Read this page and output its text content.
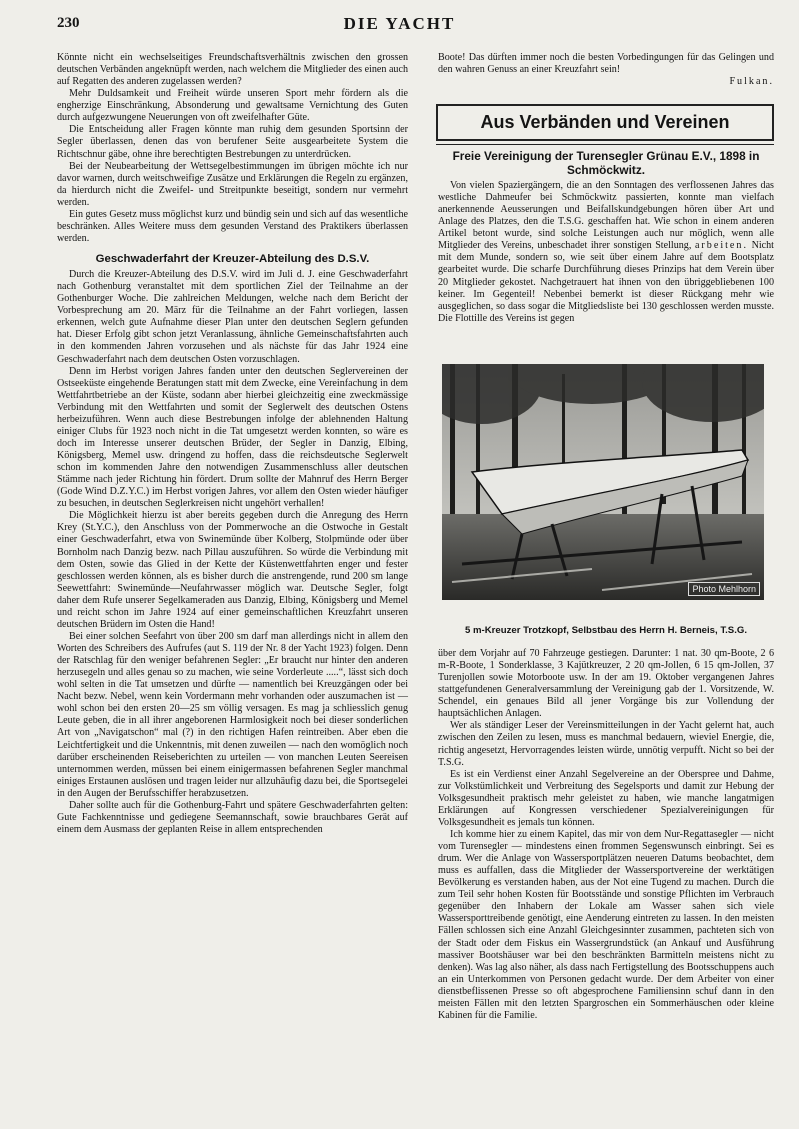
230	DIE YACHT

Könnte nicht ein wechselseitiges Freundschaftsverhältnis zwischen den grossen deutschen Verbänden angeknüpft werden, nach welchem die Mitglieder des einen auch auf Regatten des anderen zugelassen werden?

Mehr Duldsamkeit und Freiheit würde unseren Sport mehr fördern als die engherzige Einschränkung, Absonderung und gewaltsame Vernichtung des Guten durch aufgezwungene Neuerungen von oft zweifelhafter Güte.

Die Entscheidung aller Fragen könnte man ruhig dem gesunden Sportsinn der Segler überlassen, denen das von berufener Seite ausgearbeitete System die Richtschnur gäbe, ohne ihre berechtigten Bestrebungen zu unterdrücken.

Bei der Neubearbeitung der Wettsegelbestimmungen im übrigen möchte ich nur davor warnen, durch weitschweifige Zusätze und Erklärungen die Regeln zu ergänzen, da hierdurch nicht die Zweifel- und Streitpunkte beseitigt, sondern nur vermehrt werden.

Ein gutes Gesetz muss möglichst kurz und bündig sein und sich auf das wesentliche beschränken. Alles Weitere muss dem gesunden Verstand des Praktikers überlassen werden.

Geschwaderfahrt der Kreuzer-Abteilung des D.S.V.

Durch die Kreuzer-Abteilung des D.S.V. wird im Juli d. J. eine Geschwaderfahrt nach Gothenburg veranstaltet mit dem sportlichen Ziel der Teilnahme an der Gothenburger Woche. Die zahlreichen Meldungen, welche nach dem Bericht der Vorbesprechung am 20. März für die Teilnahme an der Fahrt vorliegen, lassen erkennen, welch gute Aufnahme dieser Plan unter den deutschen Seglern gefunden hat. Dieser Erfolg gibt schon jetzt Veranlassung, ähnliche Gemeinschaftsfahrten auch in den kommenden Jahren vorzusehen und als nächste für das Jahr 1924 eine Geschwaderfahrt nach dem deutschen Osten vorzuschlagen.

Denn im Herbst vorigen Jahres fanden unter den deutschen Seglervereinen der Ostseeküste eingehende Beratungen statt mit dem Zwecke, eine Vereinfachung in dem Wettfahrtbetriebe an der Küste, sodann aber hierbei gleichzeitig eine zweckmässige Verbindung mit den Wettfahrten und somit der Seglerwelt des deutschen Ostens herbeizuführen. Wenn auch diese Bestrebungen infolge der ablehnenden Haltung einiger Clubs für 1923 noch nicht in die Tat umgesetzt werden konnten, so wäre es doch im Interesse unserer deutschen Brüder, der Segler in Danzig, Elbing, Königsberg, Memel usw. dringend zu hoffen, dass die reichsdeutsche Seglerwelt schon im kommenden Jahre den notwendigen Zusammenschluss aller deutschen Stämme nach jeder Richtung hin fördert. Drum sollte der Mahnruf des Herrn Berger (Gode Wind D.Z.Y.C.) im Herbst vorigen Jahres, vor allem den Osten wieder häufiger zu besuchen, in deutschen Seglerkreisen nicht ungehört verhallen!

Die Möglichkeit hierzu ist aber bereits gegeben durch die Anregung des Herrn Krey (St.Y.C.), den Anschluss von der Pommerwoche an die Ostwoche in Gestalt einer Geschwaderfahrt, etwa von Swinemünde über Kolberg, Stolpmünde oder über Bornholm nach Danzig bezw. nach Pillau auszuführen. So würde die Verbindung mit dem Osten, sowie das Glied in der Kette der Küstenwettfahrten enger und fester geschlossen werden können, als es bisher durch die anstrengende, rund 200 sm lange Seewettfahrt: Swinemünde—Neufahrwasser möglich war. Deutsche Segler, folgt daher dem Rufe unserer Segelkameraden aus Danzig, Elbing, Königsberg und Memel und reicht schon im Jahre 1924 auf einer gemeinschaftlichen Kreuzfahrt unseren deutschen Brüdern im Osten die Hand!

Bei einer solchen Seefahrt von über 200 sm darf man allerdings nicht in allem den Worten des Schreibers des Aufrufes (aut S. 119 der Nr. 8 der Yacht 1923) folgen. Denn der Ratschlag für den weniger befahrenen Segler: „Er braucht nur hinter den anderen herzusegeln und alles genau so zu machen, wie seine Vorderleute .....“, lässt sich doch wohl selten in die Tat umsetzen und dürfte — namentlich bei Kreuzgängen oder bei Nacht bezw. Nebel, wenn kein Vordermann mehr vorhanden oder auszumachen ist — wohl schon bei den ersten 20—25 sm völlig versagen. Es mag ja schliesslich genug Leute geben, die in all ihrer angeborenen Harmlosigkeit noch bei dieser sonderlichen Art von „Navigatschon“ mal (?) in den richtigen Hafen reintreiben. Aber eben die Leichtfertigkeit und die Unkenntnis, mit denen zuweilen — nach den womöglich noch darüber erscheinenden Reiseberichten zu urteilen — von manchen Leuten Seereisen unternommen werden, müssen bei einem einigermassen befahrenen Segler manchmal einiges Erstaunen auslösen und tragen leider nur allzuhäufig dazu bei, die Sportsegelei in den Augen der Berufsschiffer herabzusetzen.

Daher sollte auch für die Gothenburg-Fahrt und spätere Geschwaderfahrten gelten: Gute Fachkenntnisse und gediegene Seemannschaft, sowie brauchbares Gerät auf einem dem Ausmass der geplanten Reise in allem entsprechenden

Boote! Das dürften immer noch die besten Vorbedingungen für das Gelingen und den wahren Genuss an einer Kreuzfahrt sein!

Fulkan.

Aus Verbänden und Vereinen

Freie Vereinigung der Turensegler Grünau E.V., 1898 in Schmöckwitz.

Von vielen Spaziergängern, die an den Sonntagen des verflossenen Jahres das westliche Dahmeufer bei Schmöckwitz passierten, konnte man vielfach anerkennende Aeusserungen und Beifallskundgebungen hören über Art und Anlage des Platzes, den die T.S.G. geschaffen hat. Wie schon in einem anderen Artikel betont wurde, sind solche Leistungen auch nur möglich, wenn alle Mitglieder des Vereins, unbeschadet ihrer sonstigen Stellung, arbeiten. Nicht mit dem Munde, sondern so, wie seit über einem Jahre auf dem Bootsplatz gearbeitet wurde. Die scharfe Durchführung dieses Prinzips hat dem Verein über 20 Mitglieder gekostet. Nachgetrauert hat ihnen von den übriggebliebenen 100 keiner. Im Gegenteil! Nebenbei bemerkt ist dieser Rückgang mehr wie ausgeglichen, so dass sogar die Mitgliedsliste bei 130 geschlossen werden musste. Die Flottille des Vereins ist gegen

Photo Mehlhorn
5 m-Kreuzer Trotzkopf, Selbstbau des Herrn H. Berneis, T.S.G.

über dem Vorjahr auf 70 Fahrzeuge gestiegen. Darunter: 1 nat. 30 qm-Boote, 2 6 m-R-Boote, 1 Sonderklasse, 3 Kajütkreuzer, 2 20 qm-Jollen, 6 15 qm-Jollen, 37 Turenjollen sowie Motorboote usw. In der am 19. Oktober vergangenen Jahres stattgefundenen Generalversammlung der Vereinigung gab der 1. Vorsitzende, W. Schendel, ein genaues Bild all jener Vorgänge bis zur Vollendung der hauptsächlichen Anlagen.

Wer als ständiger Leser der Vereinsmitteilungen in der Yacht gelernt hat, auch zwischen den Zeilen zu lesen, muss es manchmal bedauern, wieviel Energie, die, richtig angesetzt, Hervorragendes leisten würde, unnötig verpufft. Nicht so bei der T.S.G.

Es ist ein Verdienst einer Anzahl Segelvereine an der Oberspree und Dahme, zur Volkstümlichkeit und Verbreitung des Segelsports und damit zur Hebung der Volksgesundheit praktisch mehr geleistet zu haben, wie manche langatmigen Erklärungen auf Kongressen verschiedener Spezialvereinigungen für Volksgesundheit es jemals tun können.

Ich komme hier zu einem Kapitel, das mir von dem Nur-Regattasegler — nicht vom Turensegler — mindestens einen frommen Segenswunsch einbringt. Sei es drum. Wer die Anlage von Wassersportplätzen neueren Datums beobachtet, dem muss es auffallen, dass die Mitglieder der Wassersportvereine der werktätigen Bevölkerung es verstanden haben, aus der Not eine Tugend zu machen. Durch die zum Teil sehr hohen Kosten für Bootsstände und sonstige Pflichten im Verbrauch gegenüber den Inhabern der Lokale am Wasser sahen sich viele Wassersporttreibende genötigt, eine Aenderung eintreten zu lassen. In den meisten Fällen schlossen sich eine Anzahl Gleichgesinnter zusammen, pachteten sich von der Stadt oder dem Fiskus ein Wassergrundstück (an Ankauf und Ausführung massiver Bootshäuser war bei den beschränkten Barmitteln meistens nicht zu denken). Was lag also näher, als dass nach Fertigstellung des Bootsschuppens auch an ein Unterkommen von Personen gedacht wurde. Der dem Arbeiter von einer dienstbeflissenen Presse so oft abgesprochene Familiensinn schuf dann in den meisten Fällen mit den letzten Spargroschen ein Sommerhäuschen oder kleine Kabinen für die Familie.
